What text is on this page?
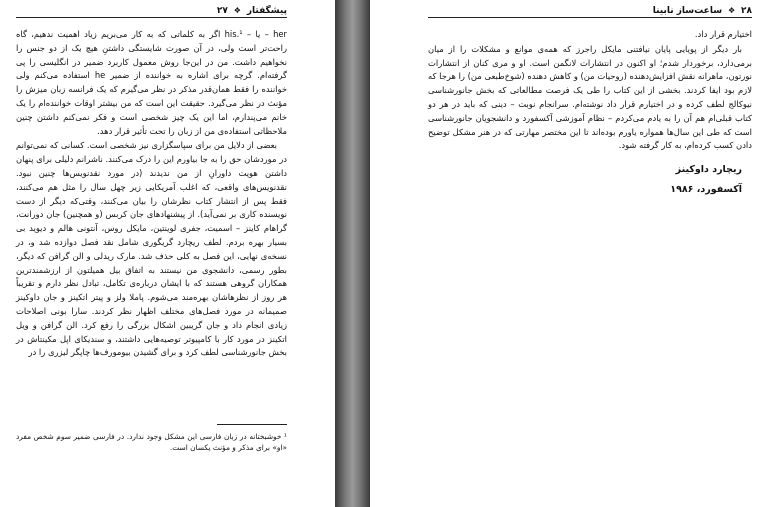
پیشگفتار ❖ ۲۷

her – یا – his.¹ اگر به کلماتی که به کار می‌بریم زیاد اهمیت ندهیم، گاه راحت‌تر است ولی، در آن صورت شایستگی داشتنِ هیچ یک از دو جنس را نخواهیم داشت. من در این‌جا روش معمول کاربرد ضمیر در انگلیسی را پی گرفته‌ام. گرچه برای اشاره به خواننده از ضمیر he استفاده می‌کنم ولی خواننده را فقط همان‌قدر مذکر در نظر می‌گیرم که یک فرانسه زبان میزش را مؤنث در نظر می‌گیرد. حقیقت این است که من بیشتر اوقات خواننده‌ام را یک خانم می‌پندارم، اما این یک چیز شخصی است و فکر نمی‌کنم داشتن چنین ملاحظاتی استفاده‌ی من از زبان را تحت تأثیر قرار دهد.

بعضی از دلایل من برای سپاسگزاری نیز شخصی است. کسانی که نمی‌توانم در موردشان حق را به جا بیاورم این را درک می‌کنند. ناشرانم دلیلی برای پنهان داشتن هویت داورانِ از من ندیدند (در مورد نقدنویس‌ها چنین نبود. نقدنویس‌های واقعی، که اغلب آمریکایی زیر چهل سال را مثل هم می‌کنند، فقط پس از انتشار کتاب نظرشان را بیان می‌کنند، وقتی‌که دیگر از دست نویسنده کاری بر نمی‌آید). از پیشنهادهای جان کربس (و همچنین) جان دورانت، گراهام کاینز – اسمیت، جفری لوینتین، مایکل روس، آنتونی هالم و دیوید بی بسیار بهره بردم. لطف ریچارد گریگوری شامل نقد فصل دوازده شد و، در نسخه‌ی نهایی، این فصل به کلی حذف شد. مارک ریدلی و الن گرافن که دیگر، بطور رسمی، دانشجوی من نیستند به اتفاق بیل همیلتون از ارزشمندترین همکاران گروهی هستند که با ایشان درباره‌ی تکامل، تبادل نظر دارم و تقریباً هر روز از نظرهاشان بهره‌مند می‌شوم. پاملا ولز و پیتر اتکینز و جان داوکینز صمیمانه در مورد فصل‌های مختلف اظهار نظر کردند. سارا بونی اصلاحات زیادی انجام داد و جان گریبین اشکال بزرگی را رفع کرد. الن گرافن و ویل اتکینز در مورد کار با کامپیوتر توصیه‌هایی داشتند، و سندیکای اپل مکینتاش در بخش جانورشناسی لطف کرد و برای گشیدن بیومورف‌ها چاپگر لیزری را در

¹ خوشبختانه در زبان فارسی این مشکل وجود ندارد. در فارسی ضمیر سوم شخص مفرد «او» برای مذکر و مؤنث یکسان است.

۲۸ ❖ ساعت‌ساز نابینا

اختیارم قرار داد.

بار دیگر از پویایی پایان نیافتنی مایکل راجرز که همه‌ی موانع و مشکلات را از میان برمی‌دارد، برخوردار شدم؛ او اکنون در انتشارات لانگمن است. او و مری کنان از انتشارات نورتون، ماهرانه نقش افزایش‌دهنده (روحیات من) و کاهش دهنده (شوخ‌طبعی من) را هرجا که لازم بود ایفا کردند. بخشی از این کتاب را طی یک فرصت مطالعاتی که بخش جانورشناسی نیوکالج لطف کرده و در اختیارم قرار داد نوشته‌ام. سرانجام نوبت – دینی که باید در هر دو کتاب قبلی‌ام هم آن را به یادم می‌کردم – نظام آموزشی آکسفورد و دانشجویان جانورشناسی است که طی این سال‌ها همواره یاورم بوده‌اند تا این مختصر مهارتی که در هنر مشکل توضیح دادن کسب کرده‌ام، به کار گرفته شود.

ریچارد داوکینز

آکسفورد، ۱۹۸۶
